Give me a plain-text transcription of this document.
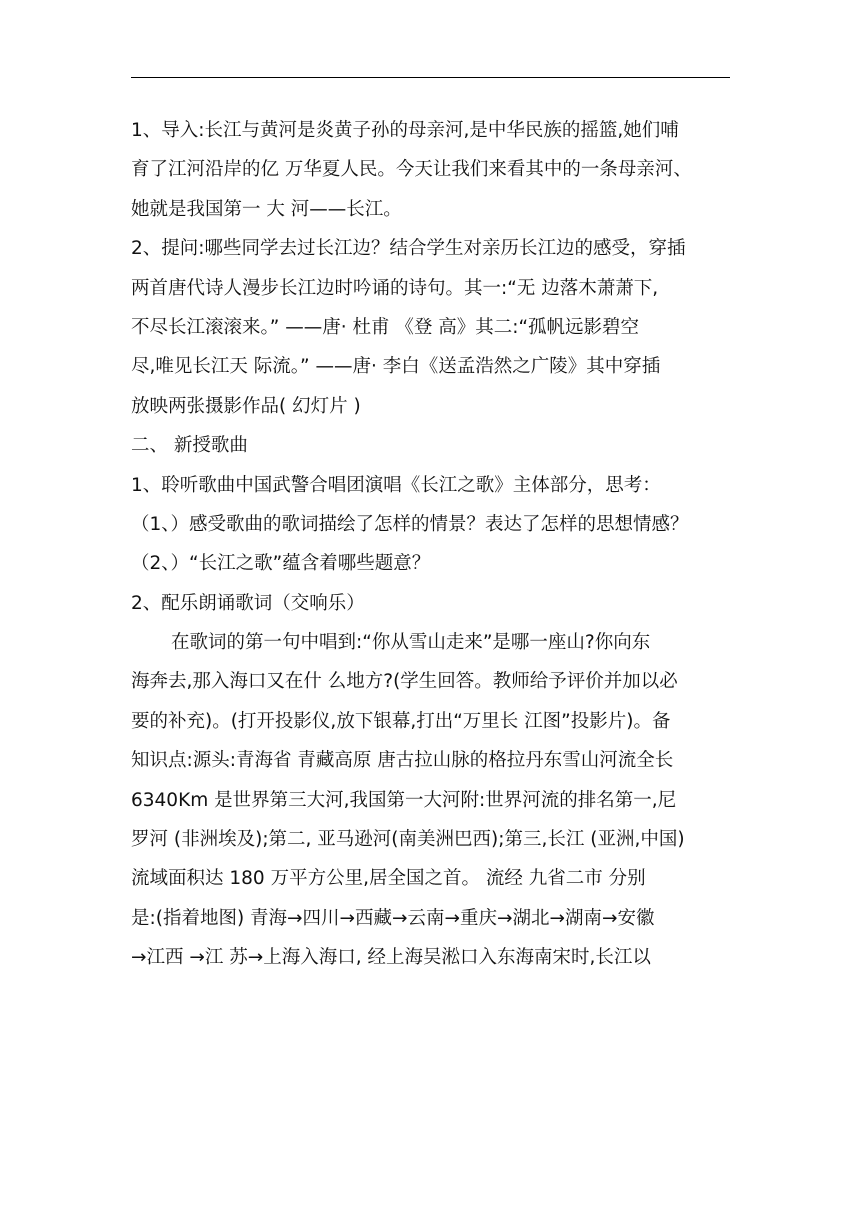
1、导入:长江与黄河是炎黄子孙的母亲河,是中华民族的摇篮,她们哺
育了江河沿岸的亿 万华夏人民。今天让我们来看其中的一条母亲河、
她就是我国第一 大 河——长江。
2、提问:哪些同学去过长江边？结合学生对亲历长江边的感受，穿插
两首唐代诗人漫步长江边时吟诵的诗句。其一:“无 边落木萧萧下,
不尽长江滚滚来。” ——唐· 杜甫 《登 高》其二:“孤帆远影碧空
尽,唯见长江天 际流。” ——唐· 李白《送孟浩然之广陵》其中穿插
放映两张摄影作品( 幻灯片 )
二、 新授歌曲
1、聆听歌曲中国武警合唱团演唱《长江之歌》主体部分，思考：
（1、）感受歌曲的歌词描绘了怎样的情景？表达了怎样的思想情感？
（2、）“长江之歌”蕴含着哪些题意？
2、配乐朗诵歌词（交响乐）
在歌词的第一句中唱到:“你从雪山走来”是哪一座山?你向东
海奔去,那入海口又在什 么地方?(学生回答。教师给予评价并加以必
要的补充)。(打开投影仪,放下银幕,打出“万里长 江图”投影片)。备
知识点:源头:青海省 青藏高原 唐古拉山脉的格拉丹东雪山河流全长
6340Km 是世界第三大河,我国第一大河附:世界河流的排名第一,尼
罗河 (非洲埃及);第二, 亚马逊河(南美洲巴西);第三,长江 (亚洲,中国)
流域面积达 180 万平方公里,居全国之首。 流经 九省二市 分别
是:(指着地图) 青海→四川→西藏→云南→重庆→湖北→湖南→安徽
→江西 →江 苏→上海入海口, 经上海吴淞口入东海南宋时,长江以
